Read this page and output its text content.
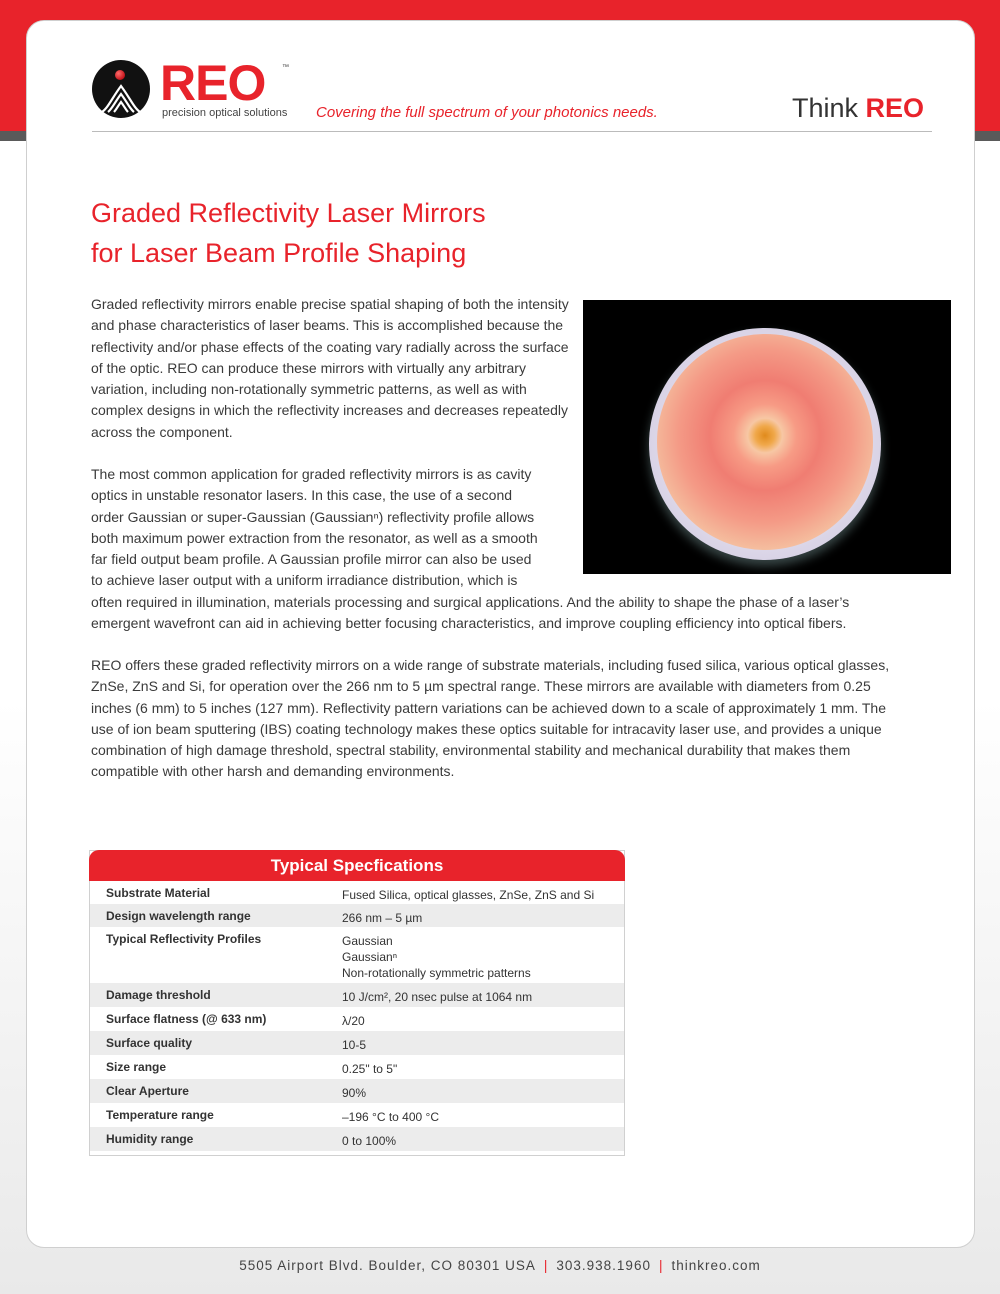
REO ™
precision optical solutions Covering the full spectrum of your photonics needs.	Think REO
Graded Reflectivity Laser Mirrors
for Laser Beam Profile Shaping

Graded reflectivity mirrors enable precise spatial shaping of both the intensity and phase characteristics of laser beams. This is accomplished because the reflectivity and/or phase effects of the coating vary radially across the surface of the optic. REO can produce these mirrors with virtually any arbitrary variation, including non-rotationally symmetric patterns, as well as with complex designs in which the reflectivity increases and decreases repeatedly across the component.

The most common application for graded reflectivity mirrors is as cavity
optics in unstable resonator lasers. In this case, the use of a second
order Gaussian or super-Gaussian (Gaussianⁿ) reflectivity profile allows
both maximum power extraction from the resonator, as well as a smooth
far field output beam profile. A Gaussian profile mirror can also be used
to achieve laser output with a uniform irradiance distribution, which is

often required in illumination, materials processing and surgical applications. And the ability to shape the phase of a laser’s emergent wavefront can aid in achieving better focusing characteristics, and improve coupling efficiency into optical fibers.

REO offers these graded reflectivity mirrors on a wide range of substrate materials, including fused silica, various optical glasses, ZnSe, ZnS and Si, for operation over the 266 nm to 5 µm spectral range. These mirrors are available with diameters from 0.25 inches (6 mm) to 5 inches (127 mm). Reflectivity pattern variations can be achieved down to a scale of approximately 1 mm. The use of ion beam sputtering (IBS) coating technology makes these optics suitable for intracavity laser use, and provides a unique combination of high damage threshold, spectral stability, environmental stability and mechanical durability that makes them compatible with other harsh and demanding environments.

Typical Specfications
Substrate Material	Fused Silica, optical glasses, ZnSe, ZnS and Si
Design wavelength range	266 nm – 5 µm
Typical Reflectivity Profiles	Gaussian
Gaussianⁿ
Non-rotationally symmetric patterns
Damage threshold	10 J/cm², 20 nsec pulse at 1064 nm
Surface flatness (@ 633 nm)	λ/20
Surface quality	10-5
Size range	0.25" to 5"
Clear Aperture	90%
Temperature range	–196 °C to 400 °C
Humidity range	0 to 100%
5505 Airport Blvd. Boulder, CO 80301 USA | 303.938.1960 | thinkreo.com
